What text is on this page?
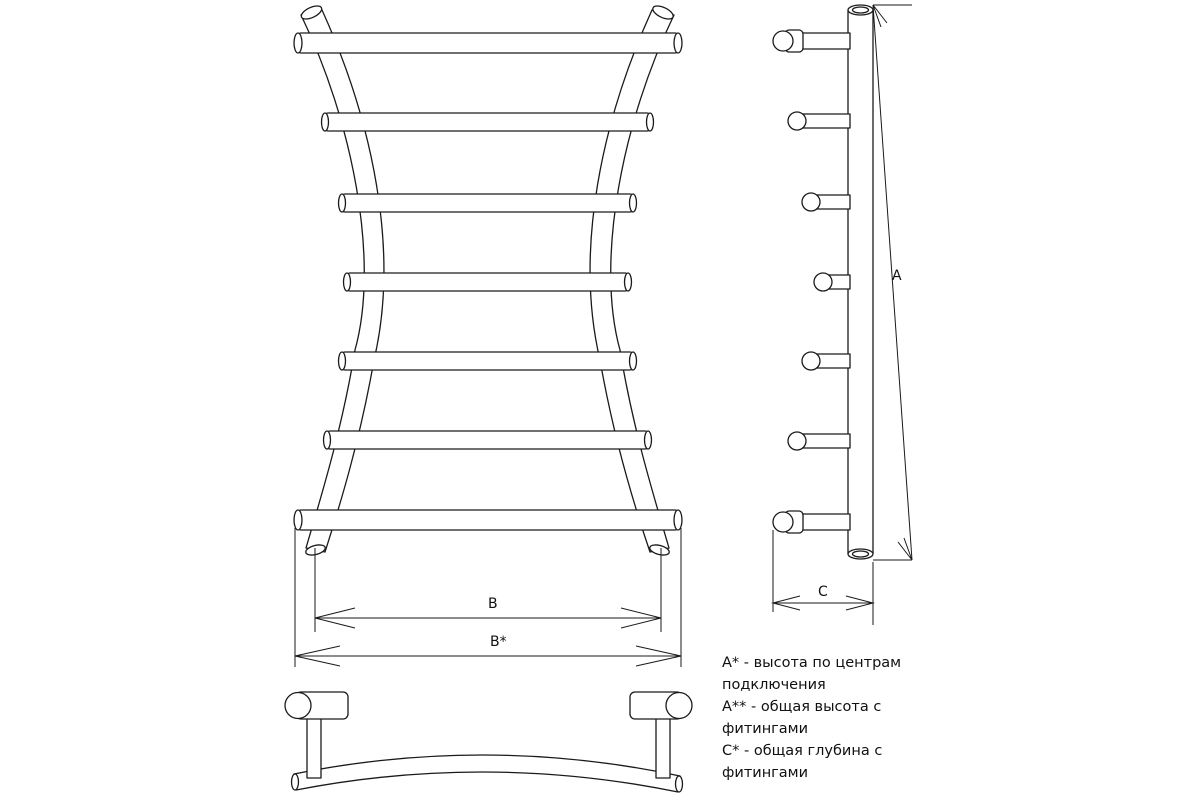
B
B*
A
C
A* - высота по центрам
подключения
A** - общая высота с
фитингами
C* - общая глубина с
фитингами
